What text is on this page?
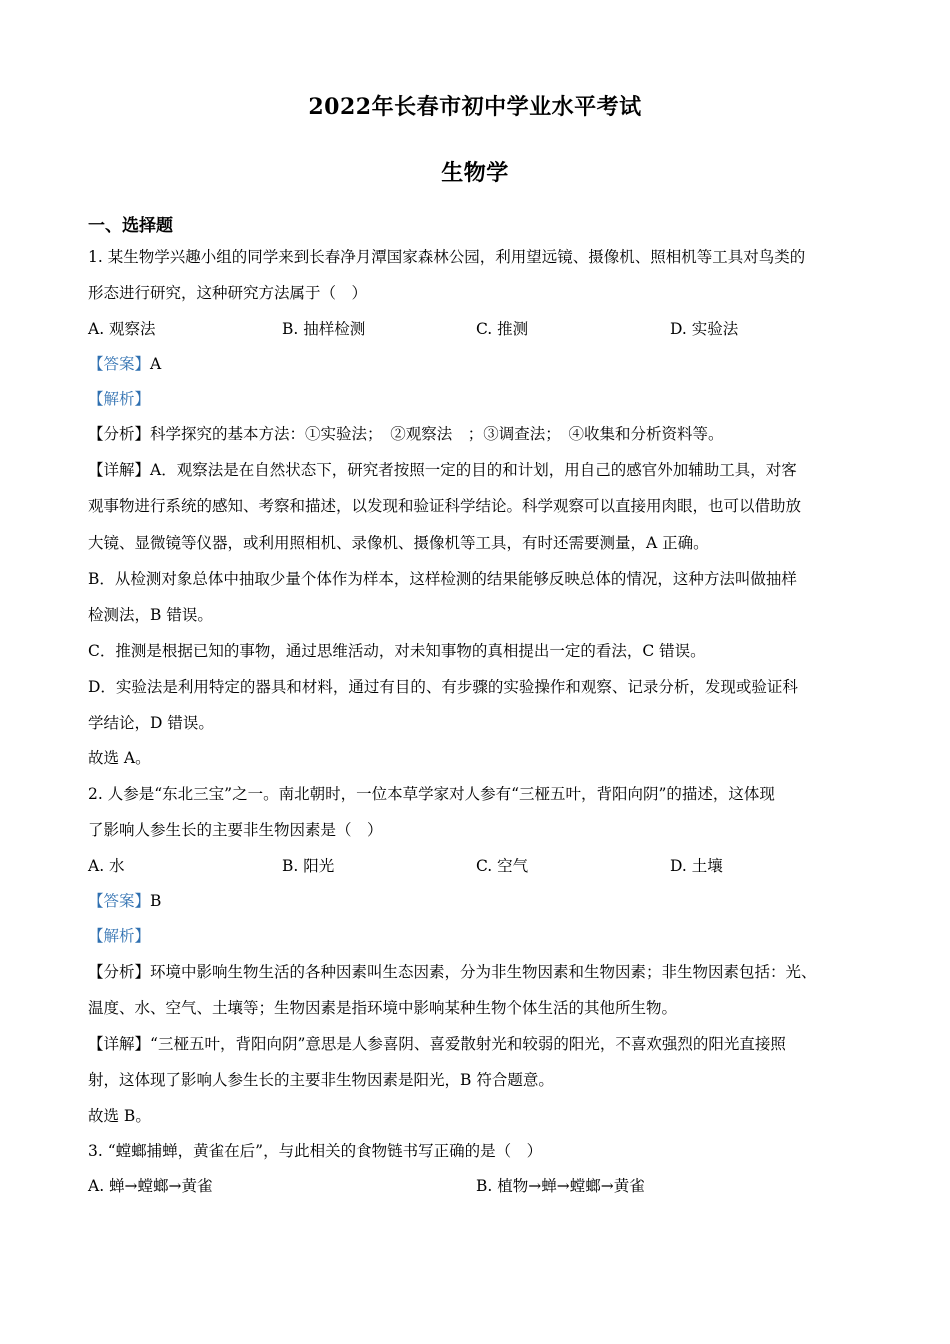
2022年长春市初中学业水平考试
生物学
一、选择题
1. 某生物学兴趣小组的同学来到长春净月潭国家森林公园，利用望远镜、摄像机、照相机等工具对鸟类的
形态进行研究，这种研究方法属于（　）
A. 观察法	B. 抽样检测	C. 推测	D. 实验法
【答案】A
【解析】
【分析】科学探究的基本方法：①实验法；　②观察法　；③调查法；　④收集和分析资料等。
【详解】A．观察法是在自然状态下，研究者按照一定的目的和计划，用自己的感官外加辅助工具，对客
观事物进行系统的感知、考察和描述，以发现和验证科学结论。科学观察可以直接用肉眼，也可以借助放
大镜、显微镜等仪器，或利用照相机、录像机、摄像机等工具，有时还需要测量，A 正确。
B．从检测对象总体中抽取少量个体作为样本，这样检测的结果能够反映总体的情况，这种方法叫做抽样
检测法，B 错误。
C．推测是根据已知的事物，通过思维活动，对未知事物的真相提出一定的看法，C 错误。
D．实验法是利用特定的器具和材料，通过有目的、有步骤的实验操作和观察、记录分析，发现或验证科
学结论，D 错误。
故选 A。
2. 人参是“东北三宝”之一。南北朝时，一位本草学家对人参有“三桠五叶，背阳向阴”的描述，这体现
了影响人参生长的主要非生物因素是（　）
A. 水	B. 阳光	C. 空气	D. 土壤
【答案】B
【解析】
【分析】环境中影响生物生活的各种因素叫生态因素，分为非生物因素和生物因素；非生物因素包括：光、
温度、水、空气、土壤等；生物因素是指环境中影响某种生物个体生活的其他所生物。
【详解】“三桠五叶，背阳向阴”意思是人参喜阴、喜爱散射光和较弱的阳光，不喜欢强烈的阳光直接照
射，这体现了影响人参生长的主要非生物因素是阳光，B 符合题意。
故选 B。
3. “螳螂捕蝉，黄雀在后”，与此相关的食物链书写正确的是（　）
A. 蝉→螳螂→黄雀	B. 植物→蝉→螳螂→黄雀
